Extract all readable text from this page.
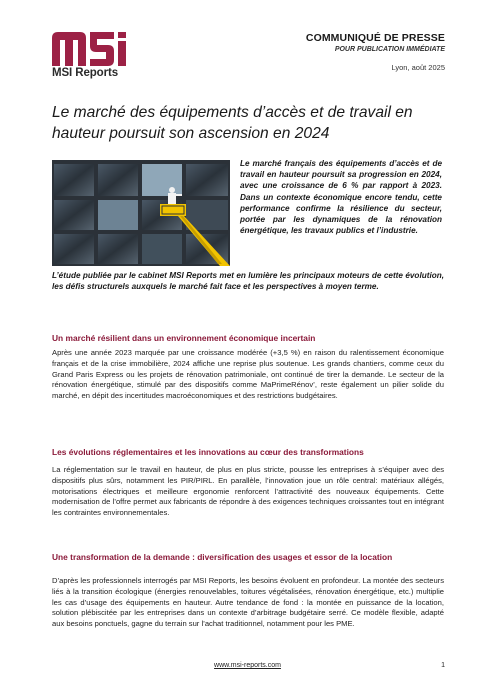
MSI Reports
COMMUNIQUÉ DE PRESSE
POUR PUBLICATION IMMÉDIATE
Lyon, août 2025
Le marché des équipements d’accès et de travail en hauteur poursuit son ascension en 2024
Le marché français des équipements d’accès et de travail en hauteur poursuit sa progression en 2024, avec une croissance de 6 % par rapport à 2023. Dans un contexte économique encore tendu, cette performance confirme la résilience du secteur, portée par les dynamiques de la rénovation énergétique, les travaux publics et l’industrie.
L’étude publiée par le cabinet MSI Reports met en lumière les principaux moteurs de cette évolution, les défis structurels auxquels le marché fait face et les perspectives à moyen terme.
Un marché résilient dans un environnement économique incertain
Après une année 2023 marquée par une croissance modérée (+3,5 %) en raison du ralentissement économique français et de la crise immobilière, 2024 affiche une reprise plus soutenue. Les grands chantiers, comme ceux du Grand Paris Express ou les projets de rénovation patrimoniale, ont continué de tirer la demande. Le secteur de la rénovation énergétique, stimulé par des dispositifs comme MaPrimeRénov’, reste également un pilier solide du marché, en dépit des incertitudes macroéconomiques et des restrictions budgétaires.
Les évolutions réglementaires et les innovations au cœur des transformations
La réglementation sur le travail en hauteur, de plus en plus stricte, pousse les entreprises à s’équiper avec des dispositifs plus sûrs, notamment les PIR/PIRL. En parallèle, l’innovation joue un rôle central: matériaux allégés, motorisations électriques et meilleure ergonomie renforcent l’attractivité des nouveaux équipements. Cette modernisation de l’offre permet aux fabricants de répondre à des exigences techniques croissantes tout en intégrant les contraintes environnementales.
Une transformation de la demande : diversification des usages et essor de la location
D’après les professionnels interrogés par MSI Reports, les besoins évoluent en profondeur. La montée des secteurs liés à la transition écologique (énergies renouvelables, toitures végétalisées, rénovation énergétique, etc.) multiplie les cas d’usage des équipements en hauteur. Autre tendance de fond : la montée en puissance de la location, solution plébiscitée par les entreprises dans un contexte d’arbitrage budgétaire serré. Ce modèle flexible, adapté aux besoins ponctuels, gagne du terrain sur l’achat traditionnel, notamment pour les PME.
www.msi-reports.com	1
